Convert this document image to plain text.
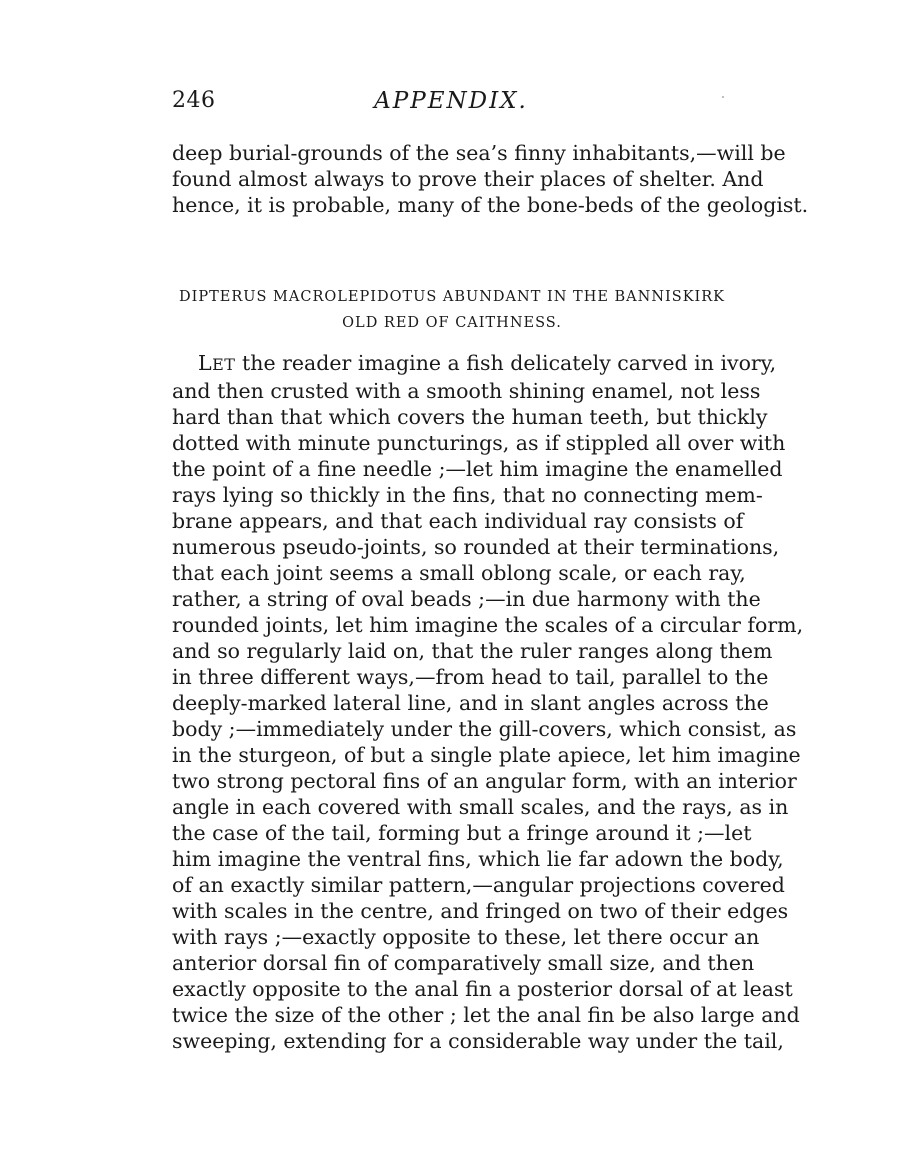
246	APPENDIX.
deep burial-grounds of the sea’s finny inhabitants,—will be
found almost always to prove their places of shelter. And
hence, it is probable, many of the bone-beds of the geologist.
DIPTERUS MACROLEPIDOTUS ABUNDANT IN THE BANNISKIRK
OLD RED OF CAITHNESS.
LET the reader imagine a fish delicately carved in ivory,
and then crusted with a smooth shining enamel, not less
hard than that which covers the human teeth, but thickly
dotted with minute puncturings, as if stippled all over with
the point of a fine needle ;—let him imagine the enamelled
rays lying so thickly in the fins, that no connecting mem-
brane appears, and that each individual ray consists of
numerous pseudo-joints, so rounded at their terminations,
that each joint seems a small oblong scale, or each ray,
rather, a string of oval beads ;—in due harmony with the
rounded joints, let him imagine the scales of a circular form,
and so regularly laid on, that the ruler ranges along them
in three different ways,—from head to tail, parallel to the
deeply-marked lateral line, and in slant angles across the
body ;—immediately under the gill-covers, which consist, as
in the sturgeon, of but a single plate apiece, let him imagine
two strong pectoral fins of an angular form, with an interior
angle in each covered with small scales, and the rays, as in
the case of the tail, forming but a fringe around it ;—let
him imagine the ventral fins, which lie far adown the body,
of an exactly similar pattern,—angular projections covered
with scales in the centre, and fringed on two of their edges
with rays ;—exactly opposite to these, let there occur an
anterior dorsal fin of comparatively small size, and then
exactly opposite to the anal fin a posterior dorsal of at least
twice the size of the other ; let the anal fin be also large and
sweeping, extending for a considerable way under the tail,
